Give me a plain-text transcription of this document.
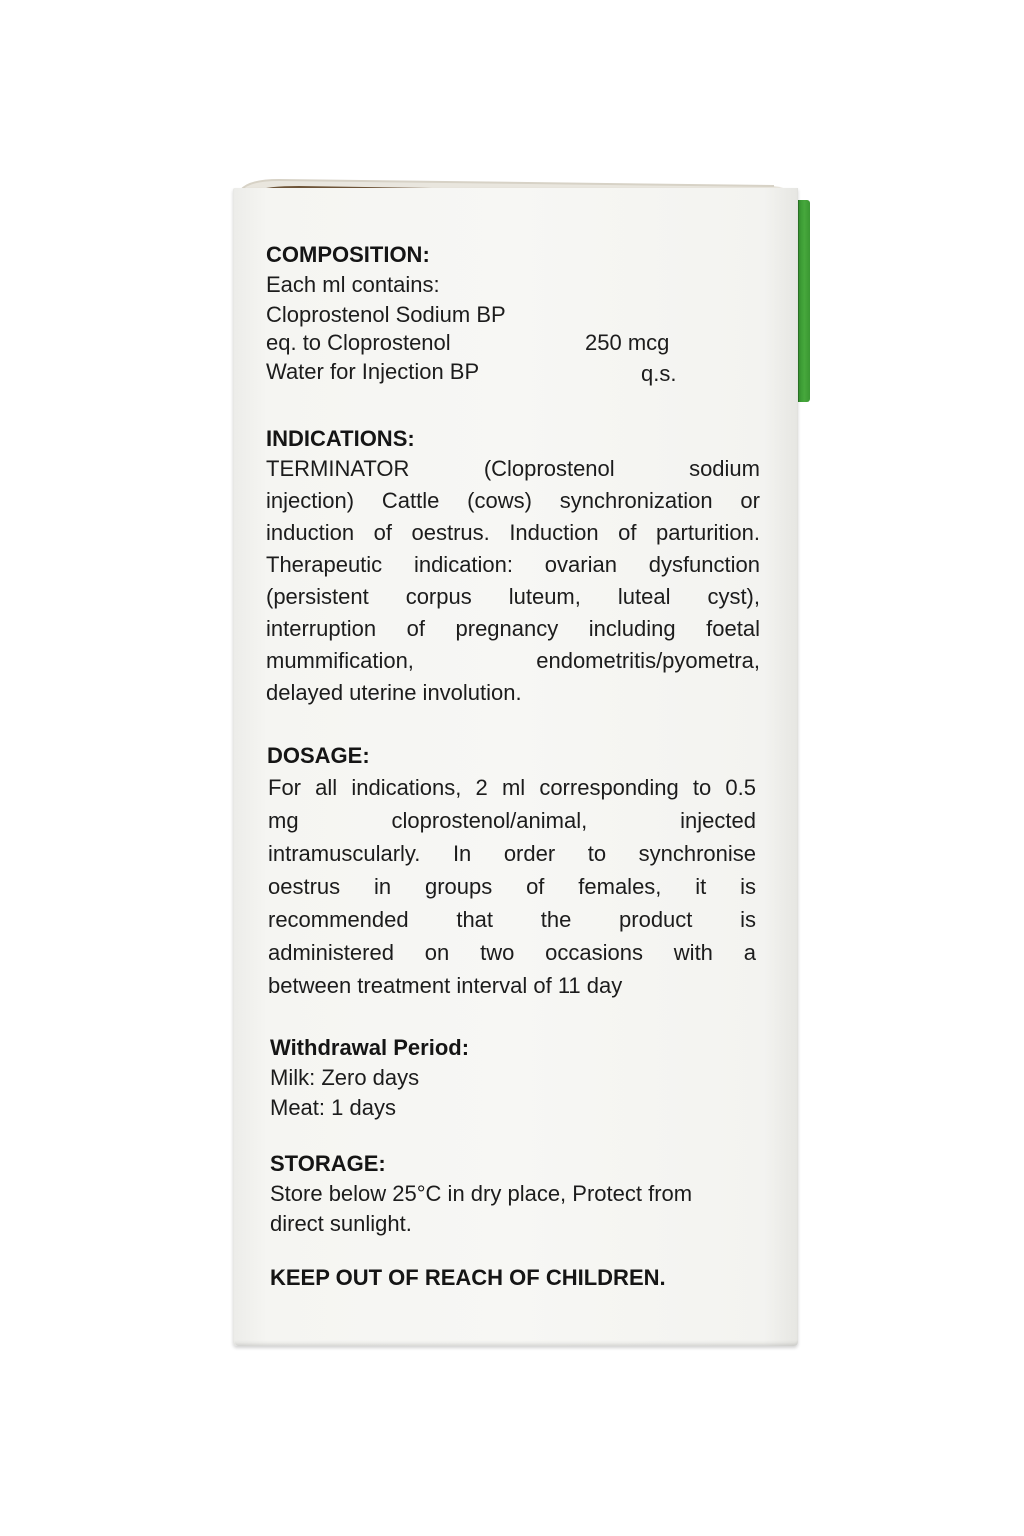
COMPOSITION:
Each ml contains:
Cloprostenol Sodium BP
eq. to Cloprostenol	250 mcg
Water for Injection BP	q.s.
INDICATIONS:
TERMINATOR (Cloprostenol sodium
injection) Cattle (cows) synchronization or
induction of oestrus. Induction of parturition.
Therapeutic indication: ovarian dysfunction
(persistent corpus luteum, luteal cyst),
interruption of pregnancy including foetal
mummification, endometritis/pyometra,
delayed uterine involution.
DOSAGE:
For all indications, 2 ml corresponding to 0.5
mg cloprostenol/animal, injected
intramuscularly. In order to synchronise
oestrus in groups of females, it is
recommended that the product is
administered on two occasions with a
between treatment interval of 11 day
Withdrawal Period:
Milk: Zero days
Meat: 1 days
STORAGE:
Store below 25°C in dry place, Protect from
direct sunlight.
KEEP OUT OF REACH OF CHILDREN.
